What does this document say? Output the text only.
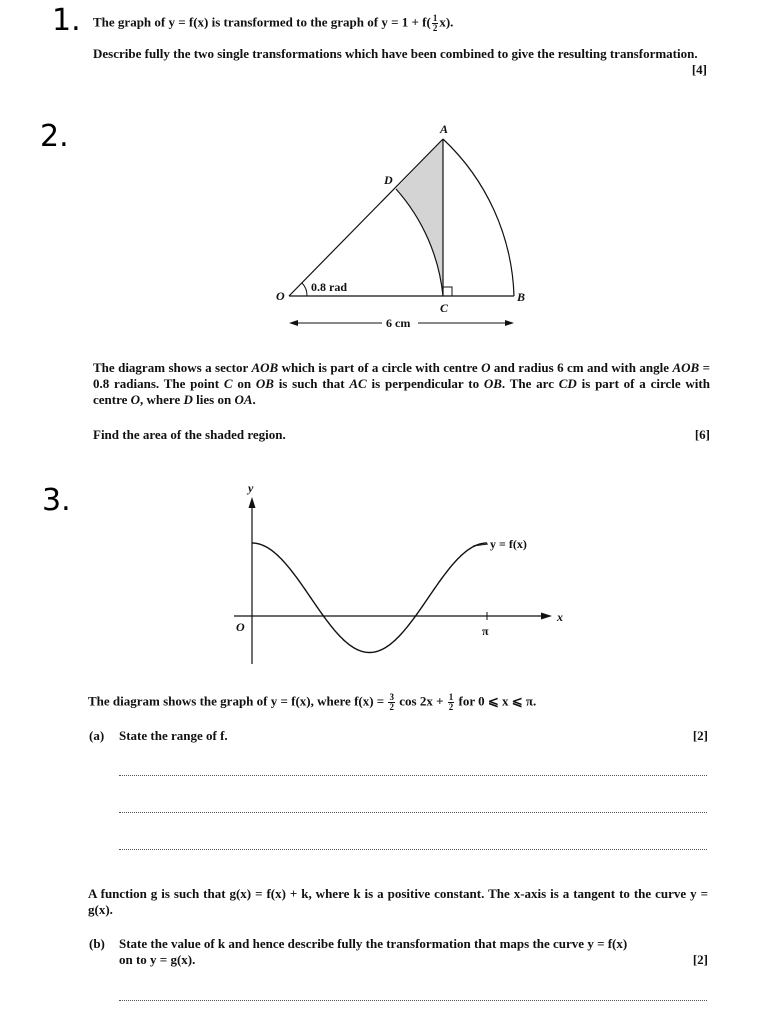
1. The graph of y = f(x) is transformed to the graph of $y = 1 + f( \frac{1}{2} x)$.
Describe fully the two single transformations which have been combined to give the resulting transformation.
[4]
2.	A
D
O
C
B
0.8 rad
6 cm
The diagram shows a sector AOB which is part of a circle with centre O and radius 6 cm and with angle AOB = 0.8 radians. The point C on OB is such that AC is perpendicular to OB. The arc CD is part of a circle with centre O, where D lies on OA.
Find the area of the shaded region.	[6]
3.	y
x
O	π
y = f(x)
The diagram shows the graph of y = f(x), where $f(x) = \frac{3}{2}$ $\cos 2x + \frac{1}{2}$ for 0 ⩽ x ⩽ π.
(a) State the range of f.	[2]
A function g is such that g(x) = f(x) + k, where k is a positive constant. The x-axis is a tangent to the curve y = g(x).
(b) State the value of k and hence describe fully the transformation that maps the curve y = f(x) on to y = g(x).	[2]
